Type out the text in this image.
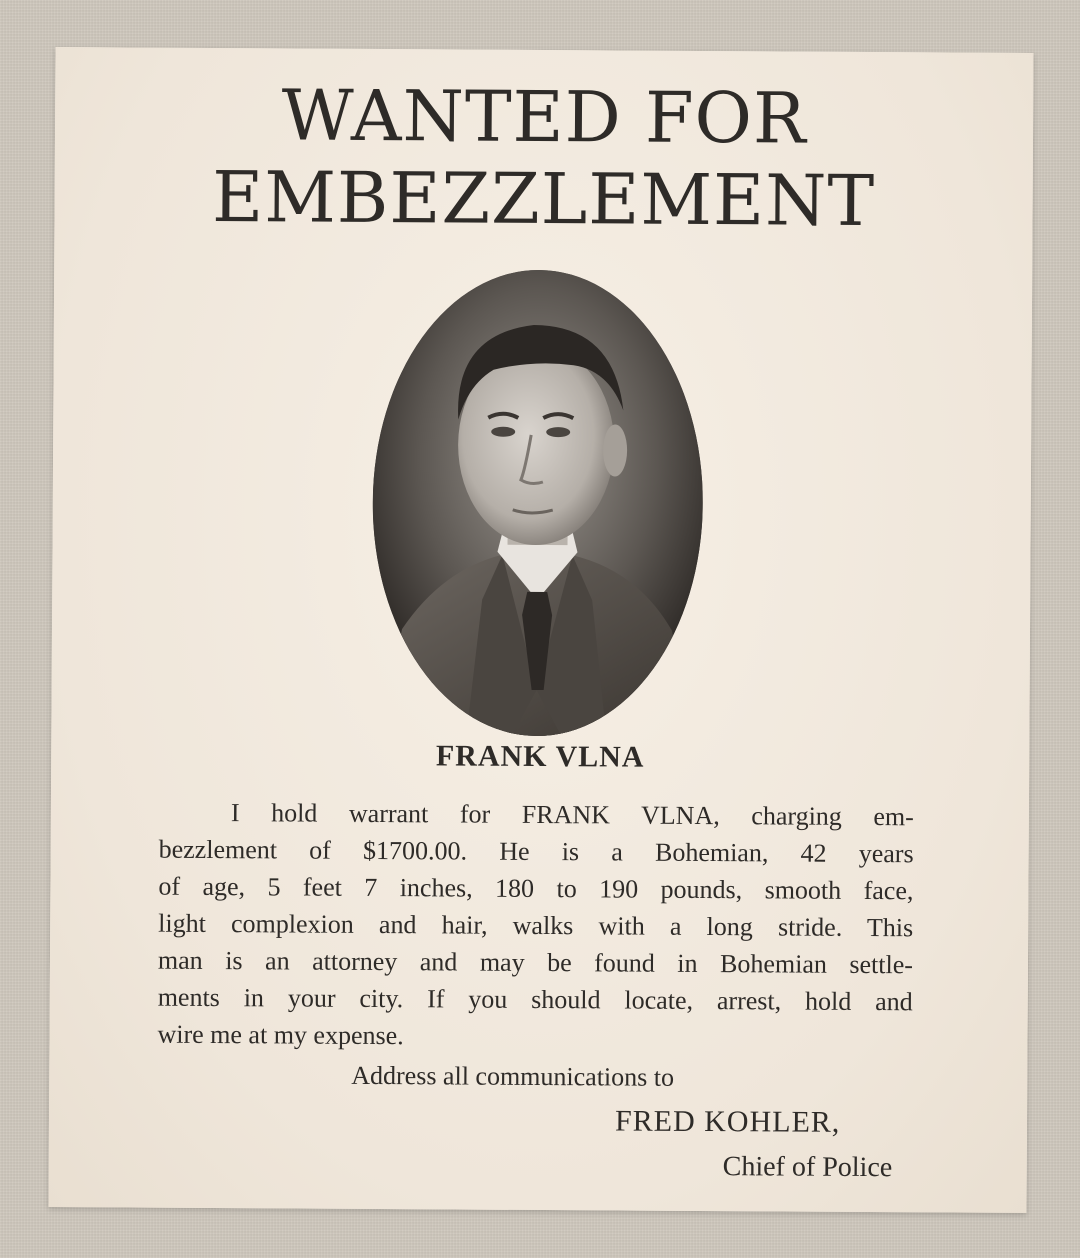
WANTED FOR
EMBEZZLEMENT
FRANK VLNA
I hold warrant for FRANK VLNA, charging em-
bezzlement of $1700.00. He is a Bohemian, 42 years
of age, 5 feet 7 inches, 180 to 190 pounds, smooth face,
light complexion and hair, walks with a long stride. This
man is an attorney and may be found in Bohemian settle-
ments in your city. If you should locate, arrest, hold and
wire me at my expense.

Address all communications to

FRED KOHLER,

Chief of Police
